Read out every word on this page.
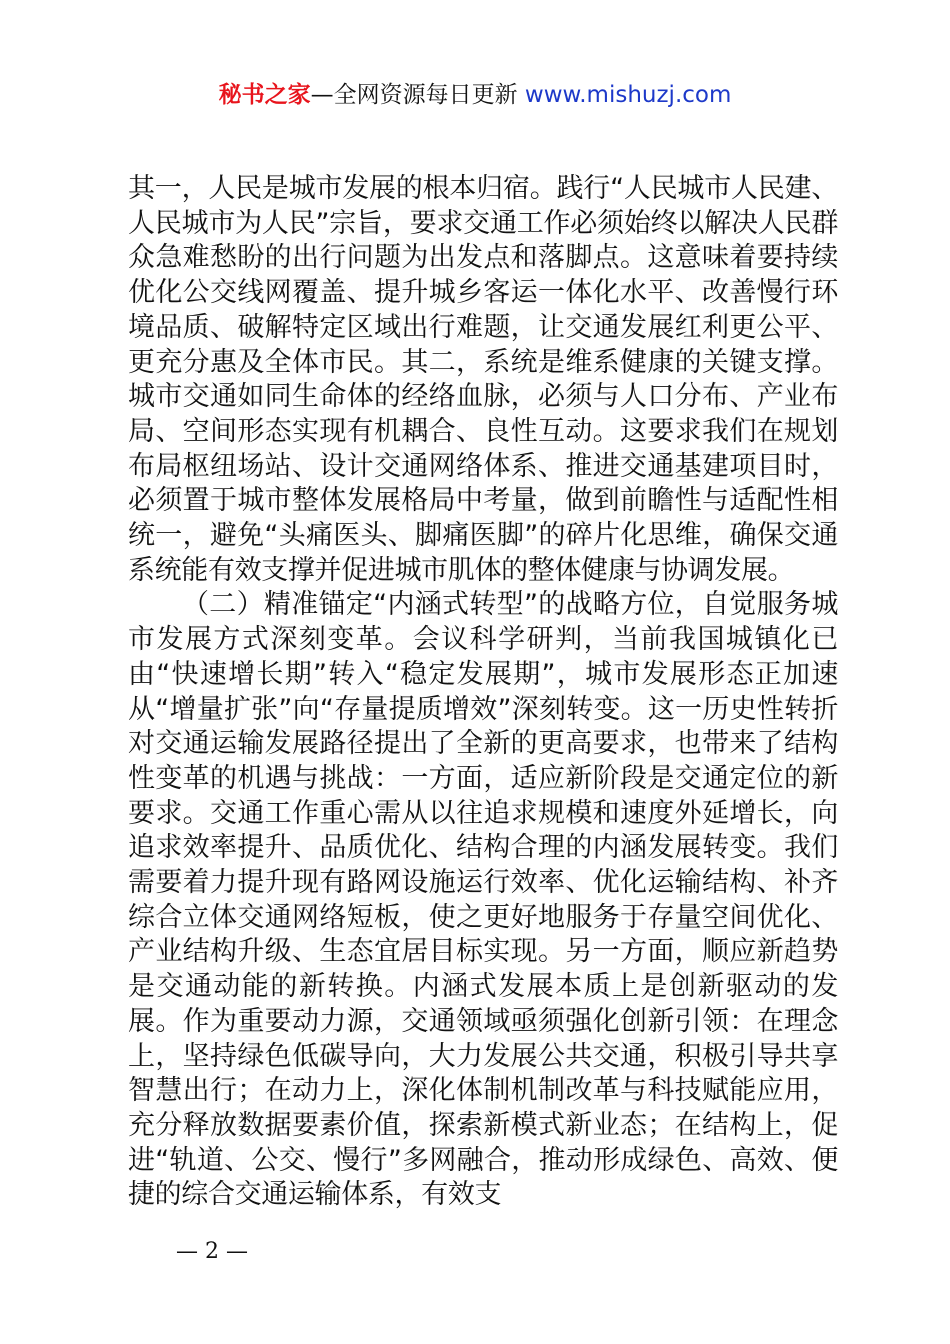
秘书之家—全网资源每日更新 www.mishuzj.com

其一，人民是城市发展的根本归宿。践行“人民城市人民建、人民城市为人民”宗旨，要求交通工作必须始终以解决人民群众急难愁盼的出行问题为出发点和落脚点。这意味着要持续优化公交线网覆盖、提升城乡客运一体化水平、改善慢行环境品质、破解特定区域出行难题，让交通发展红利更公平、更充分惠及全体市民。其二，系统是维系健康的关键支撑。城市交通如同生命体的经络血脉，必须与人口分布、产业布局、空间形态实现有机耦合、良性互动。这要求我们在规划布局枢纽场站、设计交通网络体系、推进交通基建项目时，必须置于城市整体发展格局中考量，做到前瞻性与适配性相统一，避免“头痛医头、脚痛医脚”的碎片化思维，确保交通系统能有效支撑并促进城市肌体的整体健康与协调发展。

（二）精准锚定“内涵式转型”的战略方位，自觉服务城市发展方式深刻变革。会议科学研判，当前我国城镇化已由“快速增长期”转入“稳定发展期”，城市发展形态正加速从“增量扩张”向“存量提质增效”深刻转变。这一历史性转折对交通运输发展路径提出了全新的更高要求，也带来了结构性变革的机遇与挑战：一方面，适应新阶段是交通定位的新要求。交通工作重心需从以往追求规模和速度外延增长，向追求效率提升、品质优化、结构合理的内涵发展转变。我们需要着力提升现有路网设施运行效率、优化运输结构、补齐综合立体交通网络短板，使之更好地服务于存量空间优化、产业结构升级、生态宜居目标实现。另一方面，顺应新趋势是交通动能的新转换。内涵式发展本质上是创新驱动的发展。作为重要动力源，交通领域亟须强化创新引领：在理念上，坚持绿色低碳导向，大力发展公共交通，积极引导共享智慧出行；在动力上，深化体制机制改革与科技赋能应用，充分释放数据要素价值，探索新模式新业态；在结构上，促进“轨道、公交、慢行”多网融合，推动形成绿色、高效、便捷的综合交通运输体系，有效支

— 2 —
